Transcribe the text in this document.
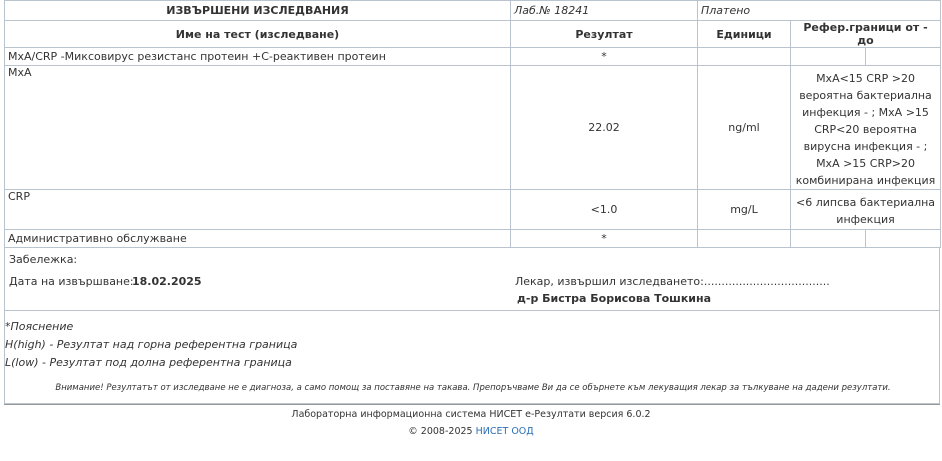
ИЗВЪРШЕНИ ИЗСЛЕДВАНИЯ	Лаб.№ 18241	Платено		
Име на тест (изследване)	Резултат	Единици	Рефер.граници от - до	
MxA/CRP -Миксовирус резистанс протеин +С-реактивен протеин	*			
MxA	22.02	ng/ml	MxA<15 CRP >20 вероятна бактериална инфекция - ; MxA >15 CRP<20 вероятна вирусна инфекция - ; MxA >15 CRP>20 комбинирана инфекция	
CRP	<1.0	mg/L	<6 липсва бактериална инфекция	
Административно обслужване	*			
Забележка:
Дата на извършване:
18.02.2025	Лекар, извършил изследването:....................................
д-р Бистра Борисова Тошкина
*Пояснение
H(high) - Резултат над горна референтна граница
L(low) - Резултат под долна референтна граница
Внимание! Резултатът от изследване не е диагноза, а само помощ за поставяне на такава. Препоръчваме Ви да се обърнете към лекуващия лекар за тълкуване на дадени резултати.
Лабораторна информационна система НИСЕТ е-Резултати версия 6.0.2
© 2008-2025 НИСЕТ ООД
